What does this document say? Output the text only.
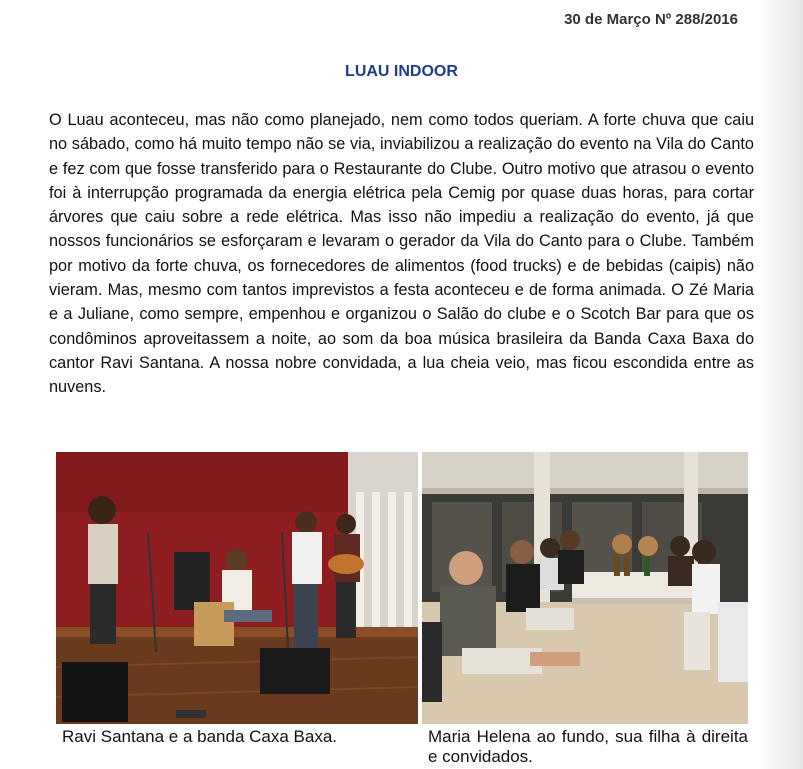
30 de Março Nº 288/2016
LUAU INDOOR

O Luau aconteceu, mas não como planejado, nem como todos queriam. A forte chuva que caiu no sábado, como há muito tempo não se via, inviabilizou a realização do evento na Vila do Canto e fez com que fosse transferido para o Restaurante do Clube. Outro motivo que atrasou o evento foi à interrupção programada da energia elétrica pela Cemig por quase duas horas, para cortar árvores que caiu sobre a rede elétrica. Mas isso não impediu a realização do evento, já que nossos funcionários se esforçaram e levaram o gerador da Vila do Canto para o Clube. Também por motivo da forte chuva, os fornecedores de alimentos (food trucks) e de bebidas (caipis) não vieram. Mas, mesmo com tantos imprevistos a festa aconteceu e de forma animada. O Zé Maria e a Juliane, como sempre, empenhou e organizou o Salão do clube e o Scotch Bar para que os condôminos aproveitassem a noite, ao som da boa música brasileira da Banda Caxa Baxa do cantor Ravi Santana. A nossa nobre convidada, a lua cheia veio, mas ficou escondida entre as nuvens.

Ravi Santana e a banda Caxa Baxa.	Maria Helena ao fundo, sua filha à direita e convidados.
